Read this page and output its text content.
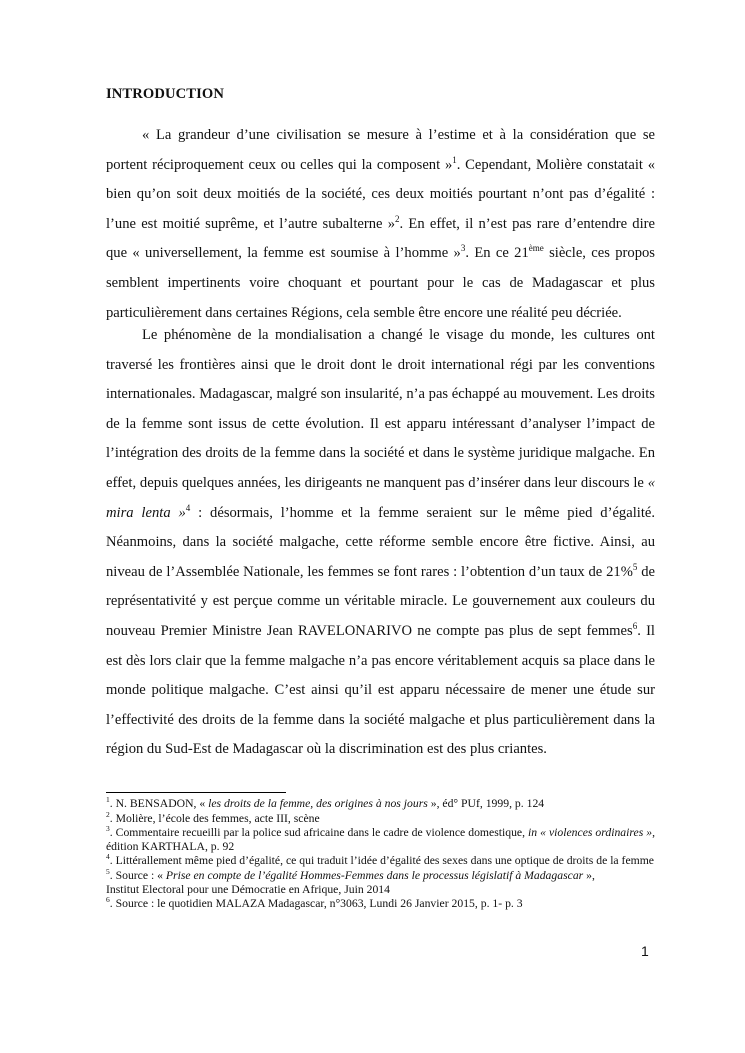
INTRODUCTION
« La grandeur d’une civilisation se mesure à l’estime et à la considération que se portent réciproquement ceux ou celles qui la composent »$^1$. Cependant, Molière constatait « bien qu’on soit deux moitiés de la société, ces deux moitiés pourtant n’ont pas d’égalité : l’une est moitié suprême, et l’autre subalterne »$^2$. En effet, il n’est pas rare d’entendre dire que « universellement, la femme est soumise à l’homme »$^3$. En ce 21ème siècle, ces propos semblent impertinents voire choquant et pourtant pour le cas de Madagascar et plus particulièrement dans certaines Régions, cela semble être encore une réalité peu décriée.
Le phénomène de la mondialisation a changé le visage du monde, les cultures ont traversé les frontières ainsi que le droit dont le droit international régi par les conventions internationales. Madagascar, malgré son insularité, n’a pas échappé au mouvement. Les droits de la femme sont issus de cette évolution. Il est apparu intéressant d’analyser l’impact de l’intégration des droits de la femme dans la société et dans le système juridique malgache. En effet, depuis quelques années, les dirigeants ne manquent pas d’insérer dans leur discours le « mira lenta »$^4$ : désormais, l’homme et la femme seraient sur le même pied d’égalité. Néanmoins, dans la société malgache, cette réforme semble encore être fictive. Ainsi, au niveau de l’Assemblée Nationale, les femmes se font rares : l’obtention d’un taux de 21%$^5$ de représentativité y est perçue comme un véritable miracle. Le gouvernement aux couleurs du nouveau Premier Ministre Jean RAVELONARIVO ne compte pas plus de sept femmes$^6$. Il est dès lors clair que la femme malgache n’a pas encore véritablement acquis sa place dans le monde politique malgache. C’est ainsi qu’il est apparu nécessaire de mener une étude sur l’effectivité des droits de la femme dans la société malgache et plus particulièrement dans la région du Sud-Est de Madagascar où la discrimination est des plus criantes.
$^1$. N. BENSADON, « les droits de la femme, des origines à nos jours », éd° PUf, 1999, p. 124
$^2$. Molière, l’école des femmes, acte III, scène
$^3$. Commentaire recueilli par la police sud africaine dans le cadre de violence domestique, in « violences ordinaires », édition KARTHALA, p. 92
$^4$. Littérallement même pied d’égalité, ce qui traduit l’idée d’égalité des sexes dans une optique de droits de la femme
$^5$. Source : « Prise en compte de l’égalité Hommes-Femmes dans le processus législatif à Madagascar »,
Institut Electoral pour une Démocratie en Afrique, Juin 2014
$^6$. Source : le quotidien MALAZA Madagascar, n°3063, Lundi 26 Janvier 2015, p. 1- p. 3
1
